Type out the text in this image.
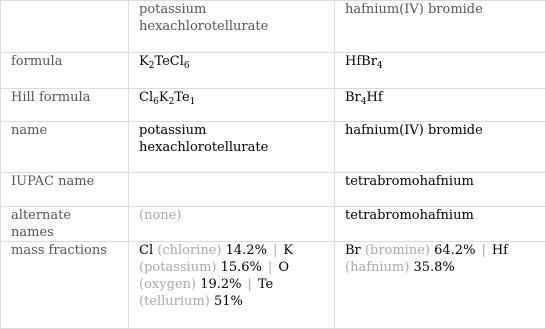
	potassium hexachlorotellurate	hafnium(IV) bromide
formula	$K_2TeCl_6$	HfBr$_4$
Hill formula	$Cl_6K_2Te_1$	$Br_4Hf$
name	potassium hexachlorotellurate	hafnium(IV) bromide
IUPAC name		tetrabromohafnium
alternate names	(none)	tetrabromohafnium
mass fractions	Cl (chlorine) 14.2% | K (potassium) 15.6% | O (oxygen) 19.2% | Te (tellurium) 51%	Br (bromine) 64.2% | Hf (hafnium) 35.8%
